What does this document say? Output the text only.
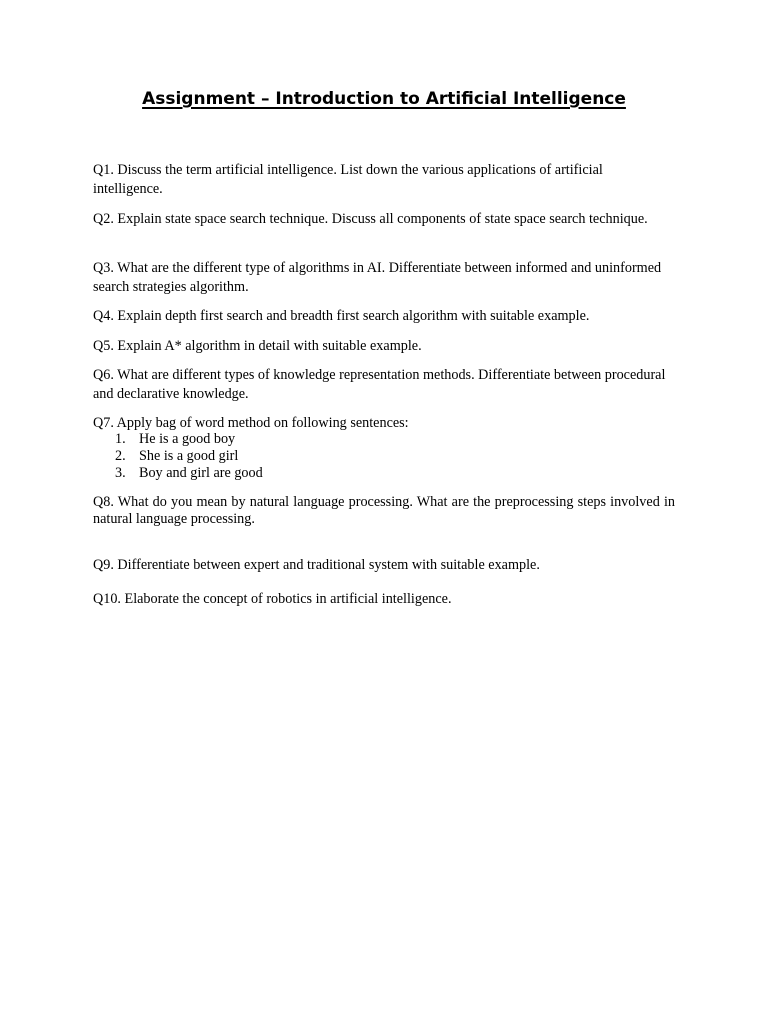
Assignment – Introduction to Artificial Intelligence

Q1. Discuss the term artificial intelligence. List down the various applications of artificial intelligence.

Q2. Explain state space search technique. Discuss all components of state space search technique.

Q3. What are the different type of algorithms in AI. Differentiate between informed and uninformed search strategies algorithm.

Q4. Explain depth first search and breadth first search algorithm with suitable example.

Q5. Explain A* algorithm in detail with suitable example.

Q6. What are different types of knowledge representation methods. Differentiate between procedural and declarative knowledge.

Q7. Apply bag of word method on following sentences:

1. He is a good boy
2. She is a good girl
3. Boy and girl are good

Q8. What do you mean by natural language processing. What are the preprocessing steps involved in natural language processing.

Q9. Differentiate between expert and traditional system with suitable example.

Q10. Elaborate the concept of robotics in artificial intelligence.
